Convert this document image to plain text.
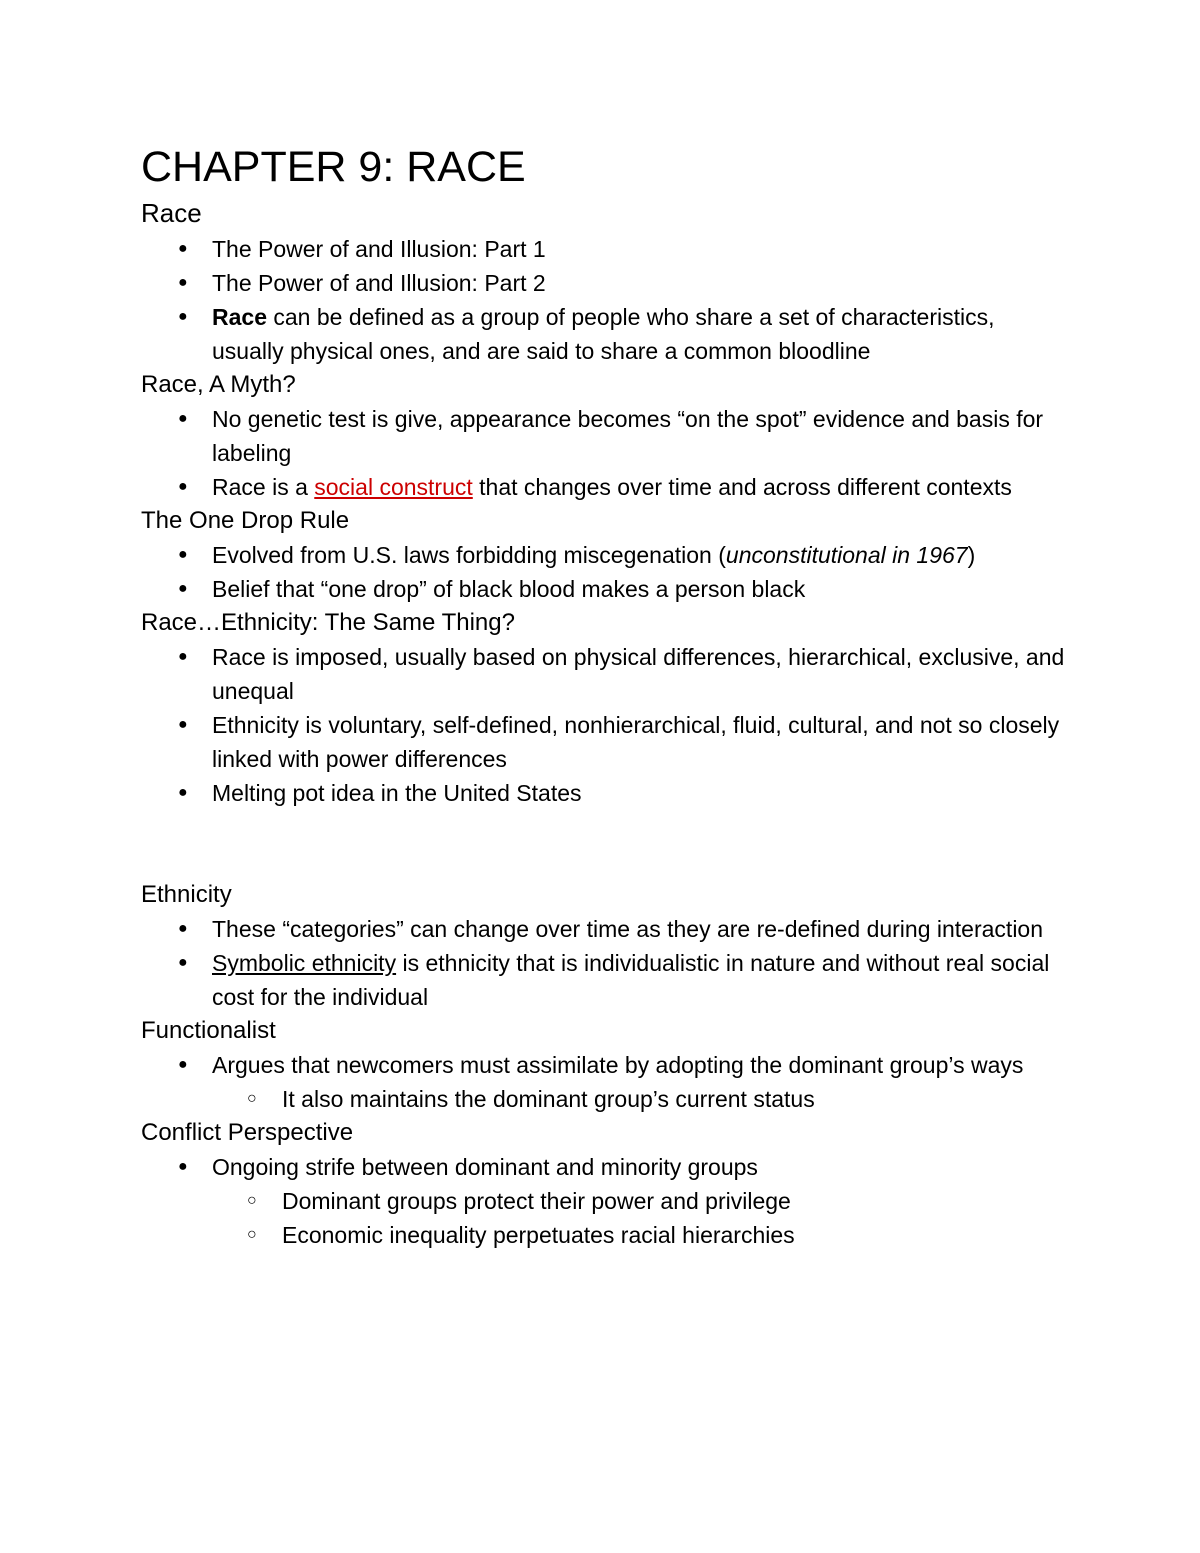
CHAPTER 9: RACE
Race
● The Power of and Illusion: Part 1
● The Power of and Illusion: Part 2
● Race can be defined as a group of people who share a set of characteristics, usually physical ones, and are said to share a common bloodline
Race, A Myth?
● No genetic test is give, appearance becomes “on the spot” evidence and basis for labeling
● Race is a social construct that changes over time and across different contexts
The One Drop Rule
● Evolved from U.S. laws forbidding miscegenation (unconstitutional in 1967)
● Belief that “one drop” of black blood makes a person black
Race…Ethnicity: The Same Thing?
● Race is imposed, usually based on physical differences, hierarchical, exclusive, and unequal
● Ethnicity is voluntary, self-defined, nonhierarchical, fluid, cultural, and not so closely linked with power differences
● Melting pot idea in the United States
Ethnicity
● These “categories” can change over time as they are re-defined during interaction
● Symbolic ethnicity is ethnicity that is individualistic in nature and without real social cost for the individual
Functionalist
● Argues that newcomers must assimilate by adopting the dominant group’s ways
○ It also maintains the dominant group’s current status
Conflict Perspective
● Ongoing strife between dominant and minority groups
○ Dominant groups protect their power and privilege
○ Economic inequality perpetuates racial hierarchies
